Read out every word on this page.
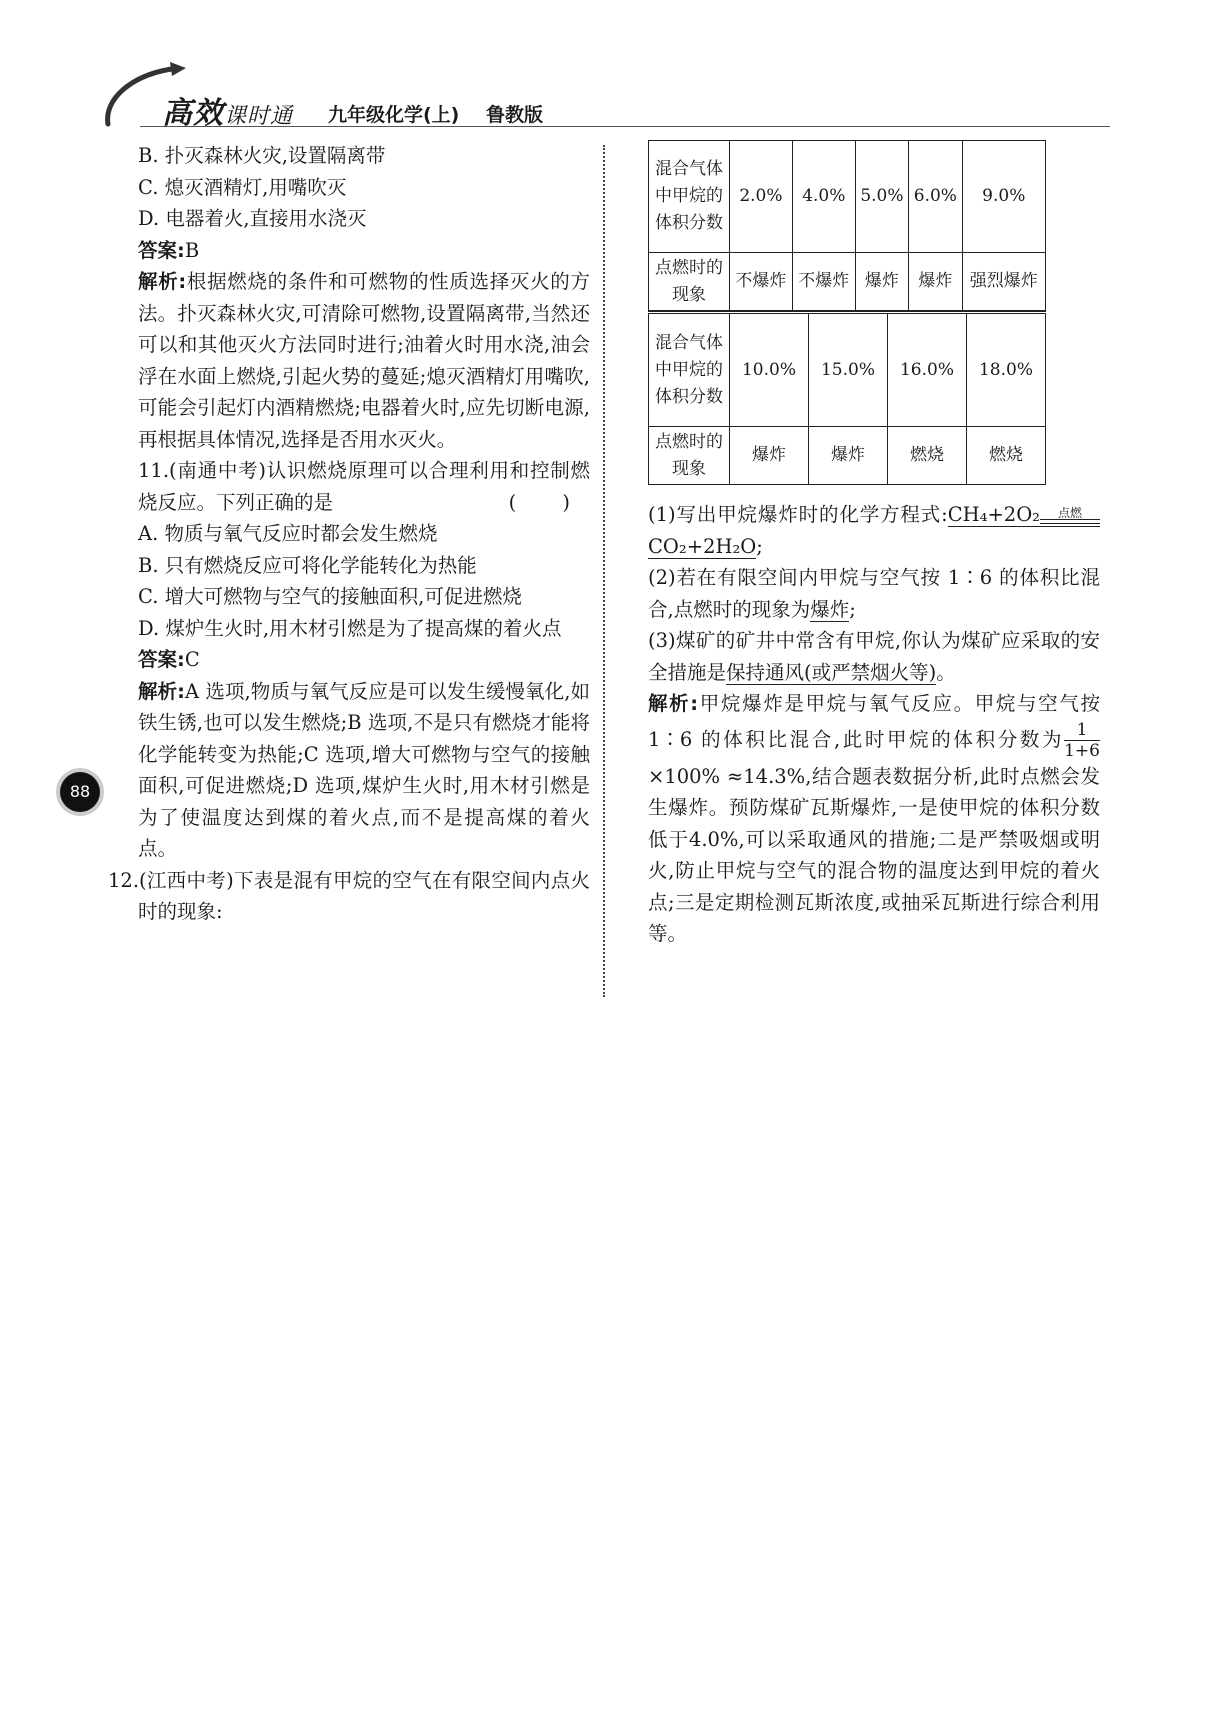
高效课时通 九年级化学(上) 鲁教版
88

B. 扑灭森林火灾,设置隔离带

C. 熄灭酒精灯,用嘴吹灭

D. 电器着火,直接用水浇灭

答案:B

解析:根据燃烧的条件和可燃物的性质选择灭火的方法。扑灭森林火灾,可清除可燃物,设置隔离带,当然还可以和其他灭火方法同时进行;油着火时用水浇,油会浮在水面上燃烧,引起火势的蔓延;熄灭酒精灯用嘴吹,可能会引起灯内酒精燃烧;电器着火时,应先切断电源,再根据具体情况,选择是否用水灭火。

11.(南通中考)认识燃烧原理可以合理利用和控制燃烧反应。下列正确的是	( )

A. 物质与氧气反应时都会发生燃烧

B. 只有燃烧反应可将化学能转化为热能

C. 增大可燃物与空气的接触面积,可促进燃烧

D. 煤炉生火时,用木材引燃是为了提高煤的着火点

答案:C

解析:A 选项,物质与氧气反应是可以发生缓慢氧化,如铁生锈,也可以发生燃烧;B 选项,不是只有燃烧才能将化学能转变为热能;C 选项,增大可燃物与空气的接触面积,可促进燃烧;D 选项,煤炉生火时,用木材引燃是为了使温度达到煤的着火点,而不是提高煤的着火点。

12.(江西中考)下表是混有甲烷的空气在有限空间内点火时的现象:

混合气体中甲烷的体积分数	2.0%	4.0%	5.0%	6.0%	9.0%
点燃时的现象	不爆炸	不爆炸	爆炸	爆炸	强烈爆炸
混合气体中甲烷的体积分数	10.0%	15.0%	16.0%	18.0%
点燃时的现象	爆炸	爆炸	燃烧	燃烧

(1)写出甲烷爆炸时的化学方程式:CH₄+2O₂	点燃
CO₂+2H₂O;

(2)若在有限空间内甲烷与空气按 1∶6 的体积比混合,点燃时的现象为爆炸;

(3)煤矿的矿井中常含有甲烷,你认为煤矿应采取的安全措施是保持通风(或严禁烟火等)。

解析:甲烷爆炸是甲烷与氧气反应。甲烷与空气按 1∶6 的体积比混合,此时甲烷的体积分数为 $\frac{1}{1+6}$
×100% ≈14.3%,结合题表数据分析,此时点燃会发生爆炸。预防煤矿瓦斯爆炸,一是使甲烷的体积分数低于4.0%,可以采取通风的措施;二是严禁吸烟或明火,防止甲烷与空气的混合物的温度达到甲烷的着火点;三是定期检测瓦斯浓度,或抽采瓦斯进行综合利用等。
